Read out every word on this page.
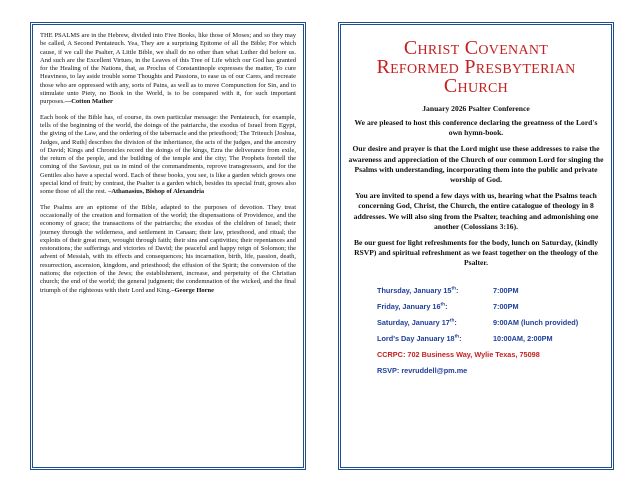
THE PSALMS are in the Hebrew, divided into Five Books, like those of Moses; and so they may be called, A Second Pentateuch. Yea, They are a surprising Epitome of all the Bible; For which cause, if we call the Psalter, A Little Bible, we shall do no other than what Luther did before us. And such are the Excellent Virtues, in the Leaves of this Tree of Life which our God has granted for the Healing of the Nations, that, as Proclus of Constantinople expresses the matter, To cure Heaviness, to lay aside trouble some Thoughts and Passions, to ease us of our Cares, and recreate those who are oppressed with any, sorts of Pains, as well as to move Compunction for Sin, and to stimulate unto Piety, no Book in the World, is to be compared with it, for such important purposes.—Cotton Mather

Each book of the Bible has, of course, its own particular message: the Pentateuch, for example, tells of the beginning of the world, the doings of the patriarchs, the exodus of Israel from Egypt, the giving of the Law, and the ordering of the tabernacle and the priesthood; The Triteuch [Joshua, Judges, and Ruth] describes the division of the inheritance, the acts of the judges, and the ancestry of David; Kings and Chronicles record the doings of the kings, Ezra the deliverance from exile, the return of the people, and the building of the temple and the city; The Prophets foretell the coming of the Saviour, put us in mind of the commandments, reprove transgressors, and for the Gentiles also have a special word. Each of these books, you see, is like a garden which grows one special kind of fruit; by contrast, the Psalter is a garden which, besides its special fruit, grows also some those of all the rest. –Athanasius, Bishop of Alexandria

The Psalms are an epitome of the Bible, adapted to the purposes of devotion. They treat occasionally of the creation and formation of the world; the dispensations of Providence, and the economy of grace; the transactions of the patriarchs; the exodus of the children of Israel; their journey through the wilderness, and settlement in Canaan; their law, priesthood, and ritual; the exploits of their great men, wrought through faith; their sins and captivities; their repentances and restorations; the sufferings and victories of David; the peaceful and happy reign of Solomon; the advent of Messiah, with its effects and consequences; his incarnation, birth, life, passion, death, resurrection, ascension, kingdom, and priesthood; the effusion of the Spirit; the conversion of the nations; the rejection of the Jews; the establishment, increase, and perpetuity of the Christian church; the end of the world; the general judgment; the condemnation of the wicked, and the final triumph of the righteous with their Lord and King.–George Horne

Christ Covenant
Reformed Presbyterian
Church
January 2026 Psalter Conference

We are pleased to host this conference declaring the greatness of the Lord's own hymn-book.

Our desire and prayer is that the Lord might use these addresses to raise the awareness and appreciation of the Church of our common Lord for singing the Psalms with understanding, incorporating them into the public and private worship of God.

You are invited to spend a few days with us, hearing what the Psalms teach concerning God, Christ, the Church, the entire catalogue of theology in 8 addresses. We will also sing from the Psalter, teaching and admonishing one another (Colossians 3:16).

Be our guest for light refreshments for the body, lunch on Saturday, (kindly RSVP) and spiritual refreshment as we feast together on the theology of the Psalter.

Thursday, January 15th:	7:00PM
Friday, January 16th:	7:00PM
Saturday, January 17th:	9:00AM (lunch provided)
Lord's Day January 18th:	10:00AM, 2:00PM
CCRPC: 702 Business Way, Wylie Texas, 75098
RSVP: revruddell@pm.me
